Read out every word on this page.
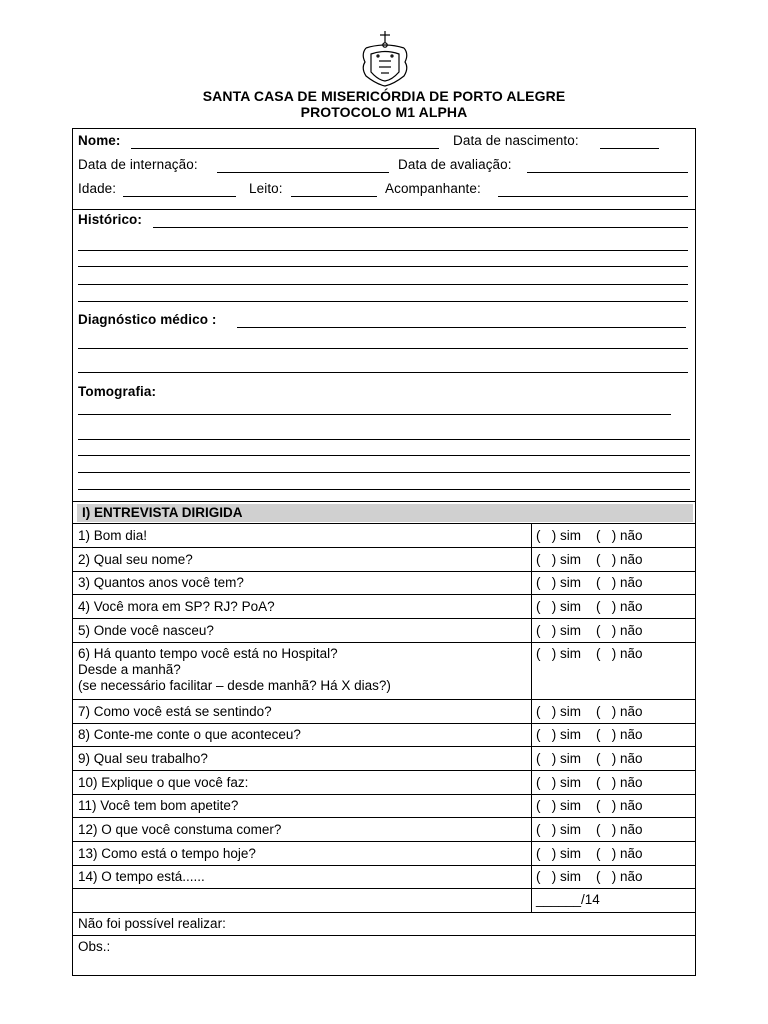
SANTA CASA DE MISERICÓRDIA DE PORTO ALEGRE
PROTOCOLO M1 ALPHA
Nome:	Data de nascimento:
Data de internação:	Data de avaliação:
Idade:	Leito:	Acompanhante:
Histórico:
Diagnóstico médico :
Tomografia:
I) ENTREVISTA DIRIGIDA
1) Bom dia!	(   ) sim    (   ) não
2) Qual seu nome?	(   ) sim    (   ) não
3) Quantos anos você tem?	(   ) sim    (   ) não
4) Você mora em SP? RJ? PoA?	(   ) sim    (   ) não
5) Onde você nasceu?	(   ) sim    (   ) não
6) Há quanto tempo você está no Hospital?
Desde a manhã?
(se necessário facilitar – desde manhã? Há X dias?)
(   ) sim    (   ) não
7) Como você está se sentindo?	(   ) sim    (   ) não
8) Conte-me conte o que aconteceu?	(   ) sim    (   ) não
9) Qual seu trabalho?	(   ) sim    (   ) não
10) Explique o que você faz:	(   ) sim    (   ) não
11) Você tem bom apetite?	(   ) sim    (   ) não
12) O que você constuma comer?	(   ) sim    (   ) não
13) Como está o tempo hoje?	(   ) sim    (   ) não
14) O tempo está......	(   ) sim    (   ) não
______/14
Não foi possível realizar:
Obs.:
